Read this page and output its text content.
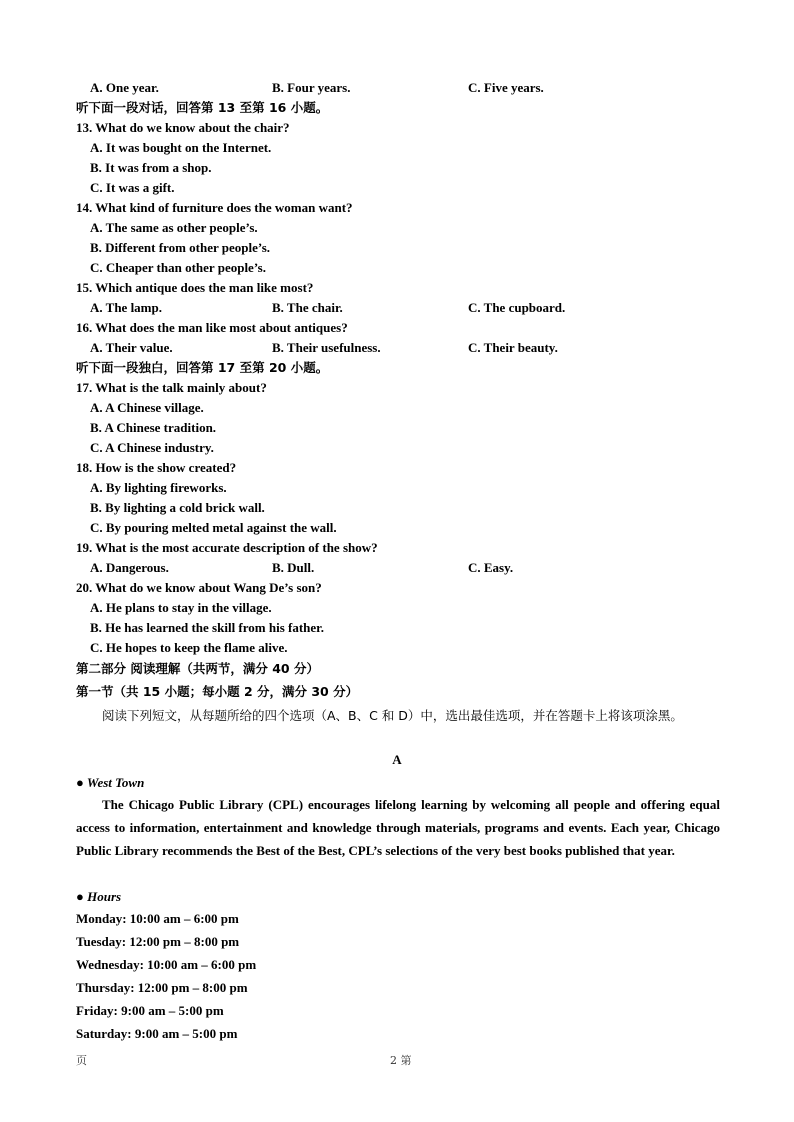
A. One year.	B. Four years.	C. Five years.
听下面一段对话，回答第 13 至第 16 小题。
13. What do we know about the chair?
A. It was bought on the Internet.
B. It was from a shop.
C. It was a gift.
14. What kind of furniture does the woman want?
A. The same as other people’s.
B. Different from other people’s.
C. Cheaper than other people’s.
15. Which antique does the man like most?
A. The lamp.	B. The chair.	C. The cupboard.
16. What does the man like most about antiques?
A. Their value.	B. Their usefulness.	C. Their beauty.
听下面一段独白，回答第 17 至第 20 小题。
17. What is the talk mainly about?
A. A Chinese village.
B. A Chinese tradition.
C. A Chinese industry.
18. How is the show created?
A. By lighting fireworks.
B. By lighting a cold brick wall.
C. By pouring melted metal against the wall.
19. What is the most accurate description of the show?
A. Dangerous.	B. Dull.	C. Easy.
20. What do we know about Wang De’s son?
A. He plans to stay in the village.
B. He has learned the skill from his father.
C. He hopes to keep the flame alive.
第二部分 阅读理解（共两节，满分 40 分）
第一节（共 15 小题；每小题 2 分，满分 30 分）

阅读下列短文，从每题所给的四个选项（A、B、C 和 D）中，选出最佳选项，并在答题卡上将该项涂黑。

A
● West Town

The Chicago Public Library (CPL) encourages lifelong learning by welcoming all people and offering equal access to information, entertainment and knowledge through materials, programs and events. Each year, Chicago Public Library recommends the Best of the Best, CPL’s selections of the very best books published that year.

● Hours
Monday: 10:00 am – 6:00 pm
Tuesday: 12:00 pm – 8:00 pm
Wednesday: 10:00 am – 6:00 pm
Thursday: 12:00 pm – 8:00 pm
Friday: 9:00 am – 5:00 pm
Saturday: 9:00 am – 5:00 pm
页	2 第
